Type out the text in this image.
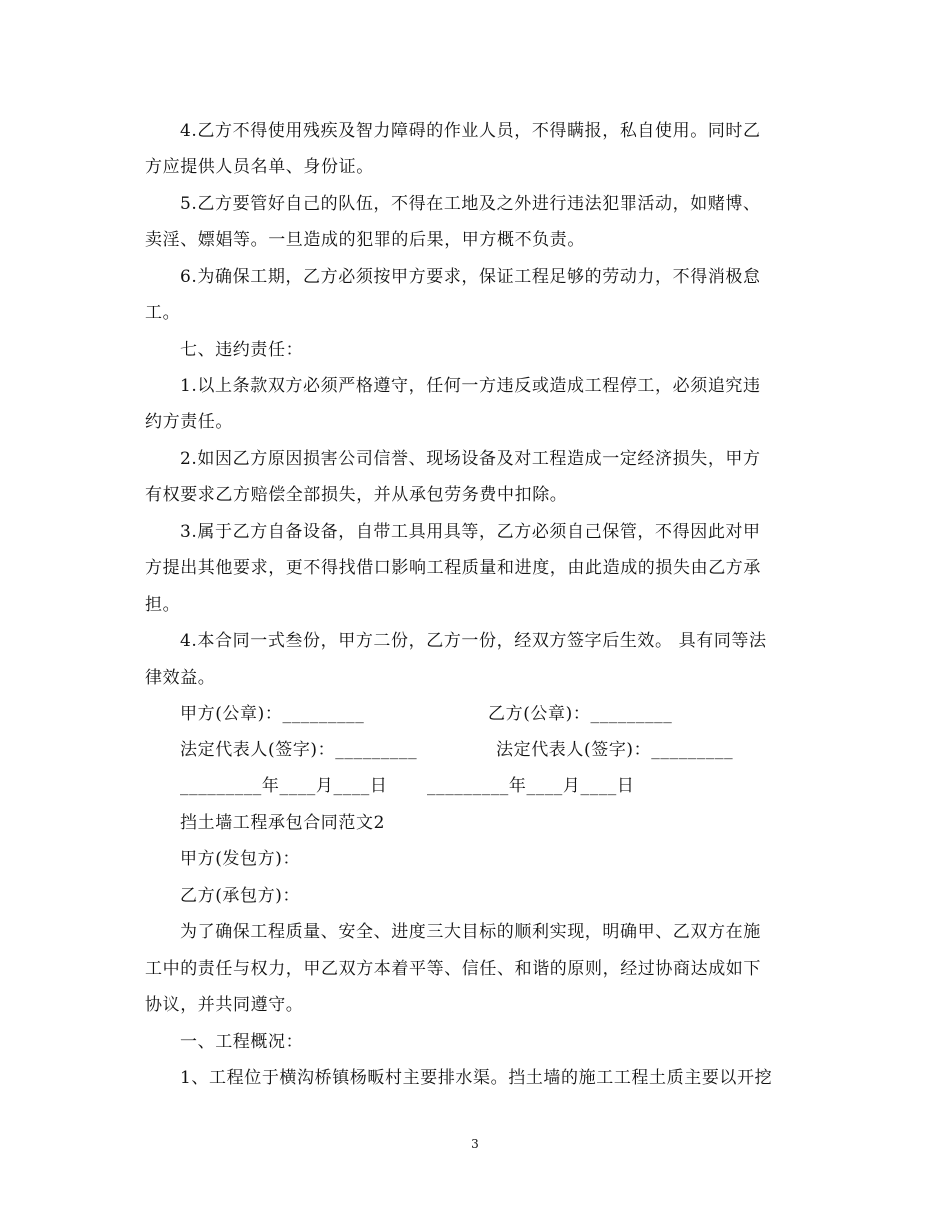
4.乙方不得使用残疾及智力障碍的作业人员，不得瞒报，私自使用。同时乙
方应提供人员名单、身份证。
5.乙方要管好自己的队伍，不得在工地及之外进行违法犯罪活动，如赌博、
卖淫、嫖娼等。一旦造成的犯罪的后果，甲方概不负责。
6.为确保工期，乙方必须按甲方要求，保证工程足够的劳动力，不得消极怠
工。
七、违约责任：
1.以上条款双方必须严格遵守，任何一方违反或造成工程停工，必须追究违
约方责任。
2.如因乙方原因损害公司信誉、现场设备及对工程造成一定经济损失，甲方
有权要求乙方赔偿全部损失，并从承包劳务费中扣除。
3.属于乙方自备设备，自带工具用具等，乙方必须自己保管，不得因此对甲
方提出其他要求，更不得找借口影响工程质量和进度，由此造成的损失由乙方承
担。
4.本合同一式叁份，甲方二份，乙方一份，经双方签字后生效。 具有同等法
律效益。
甲方(公章)：_________	乙方(公章)：_________
法定代表人(签字)：_________	法定代表人(签字)：_________
_________年____月____日 _________年____月____日
挡土墙工程承包合同范文2
甲方(发包方)：
乙方(承包方)：
为了确保工程质量、安全、进度三大目标的顺利实现，明确甲、乙双方在施
工中的责任与权力，甲乙双方本着平等、信任、和谐的原则，经过协商达成如下
协议，并共同遵守。
一、工程概况：
1、工程位于横沟桥镇杨畈村主要排水渠。挡土墙的施工工程土质主要以开挖
3
